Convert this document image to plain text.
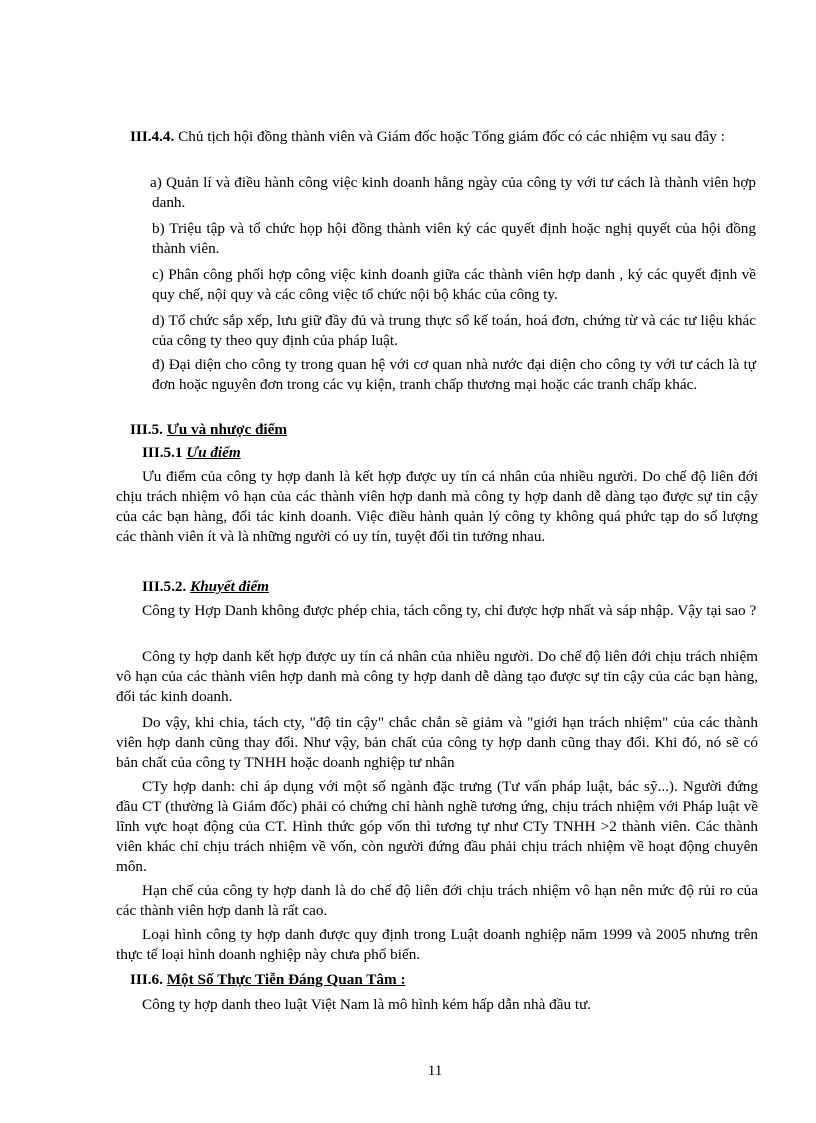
III.4.4. Chủ tịch hội đồng thành viên và Giám đốc hoặc Tổng giám đốc có các nhiệm vụ sau đây :
a) Quản lí và điều hành công việc kinh doanh hằng ngày của công ty với tư cách là thành viên hợp danh.
b) Triệu tập và tổ chức họp hội đồng thành viên ký các quyết định hoặc nghị quyết của hội đồng thành viên.
c) Phân công phối hợp công việc kinh doanh giữa các thành viên hợp danh , ký các quyết định về quy chế, nội quy và các công việc tổ chức nội bộ khác của công ty.
d) Tổ chức sắp xếp, lưu giữ đầy đủ và trung thực sổ kế toán, hoá đơn, chứng từ và các tư liệu khác của công ty theo quy định của pháp luật.
đ) Đại diện cho công ty trong quan hệ với cơ quan nhà nước đại diện cho công ty với tư cách là tự đơn hoặc nguyên đơn trong các vụ kiện, tranh chấp thương mại hoặc các tranh chấp khác.
III.5. Ưu và nhược điểm
III.5.1 Ưu điểm
Ưu điểm của công ty hợp danh là kết hợp được uy tín cá nhân của nhiều người. Do chế độ liên đới chịu trách nhiệm vô hạn của các thành viên hợp danh mà công ty hợp danh dễ dàng tạo được sự tin cậy của các bạn hàng, đối tác kinh doanh. Việc điều hành quản lý công ty không quá phức tạp do số lượng các thành viên ít và là những người có uy tín, tuyệt đối tin tưởng nhau.
III.5.2. Khuyết điểm
Công ty Hợp Danh không được phép chia, tách công ty, chỉ được hợp nhất và sáp nhập. Vậy tại sao ?
Công ty hợp danh kết hợp được uy tín cá nhân của nhiều người. Do chế độ liên đới chịu trách nhiệm vô hạn của các thành viên hợp danh mà công ty hợp danh dễ dàng tạo được sự tin cậy của các bạn hàng, đối tác kinh doanh.
Do vậy, khi chia, tách cty, "độ tin cậy" chắc chắn sẽ giảm và "giới hạn trách nhiệm" của các thành viên hợp danh cũng thay đổi. Như vậy, bản chất của công ty hợp danh cũng thay đổi. Khi đó, nó sẽ có bản chất của công ty TNHH hoặc doanh nghiệp tư nhân
CTy hợp danh: chỉ áp dụng với một số ngành đặc trưng (Tư vấn pháp luật, bác sỹ...). Người đứng đầu CT (thường là Giám đốc) phải có chứng chỉ hành nghề tương ứng, chịu trách nhiệm với Pháp luật về lĩnh vực hoạt động của CT. Hình thức góp vốn thì tương tự như CTy TNHH >2 thành viên. Các thành viên khác chỉ chịu trách nhiệm về vốn, còn người đứng đầu phải chịu trách nhiệm về hoạt động chuyên môn.
Hạn chế của công ty hợp danh là do chế độ liên đới chịu trách nhiệm vô hạn nên mức độ rủi ro của các thành viên hợp danh là rất cao.
Loại hình công ty hợp danh được quy định trong Luật doanh nghiệp năm 1999 và 2005 nhưng trên thực tế loại hình doanh nghiệp này chưa phổ biến.
III.6. Một Số Thực Tiễn Đáng Quan Tâm :
Công ty hợp danh theo luật Việt Nam là mô hình kém hấp dẫn nhà đầu tư.
11
